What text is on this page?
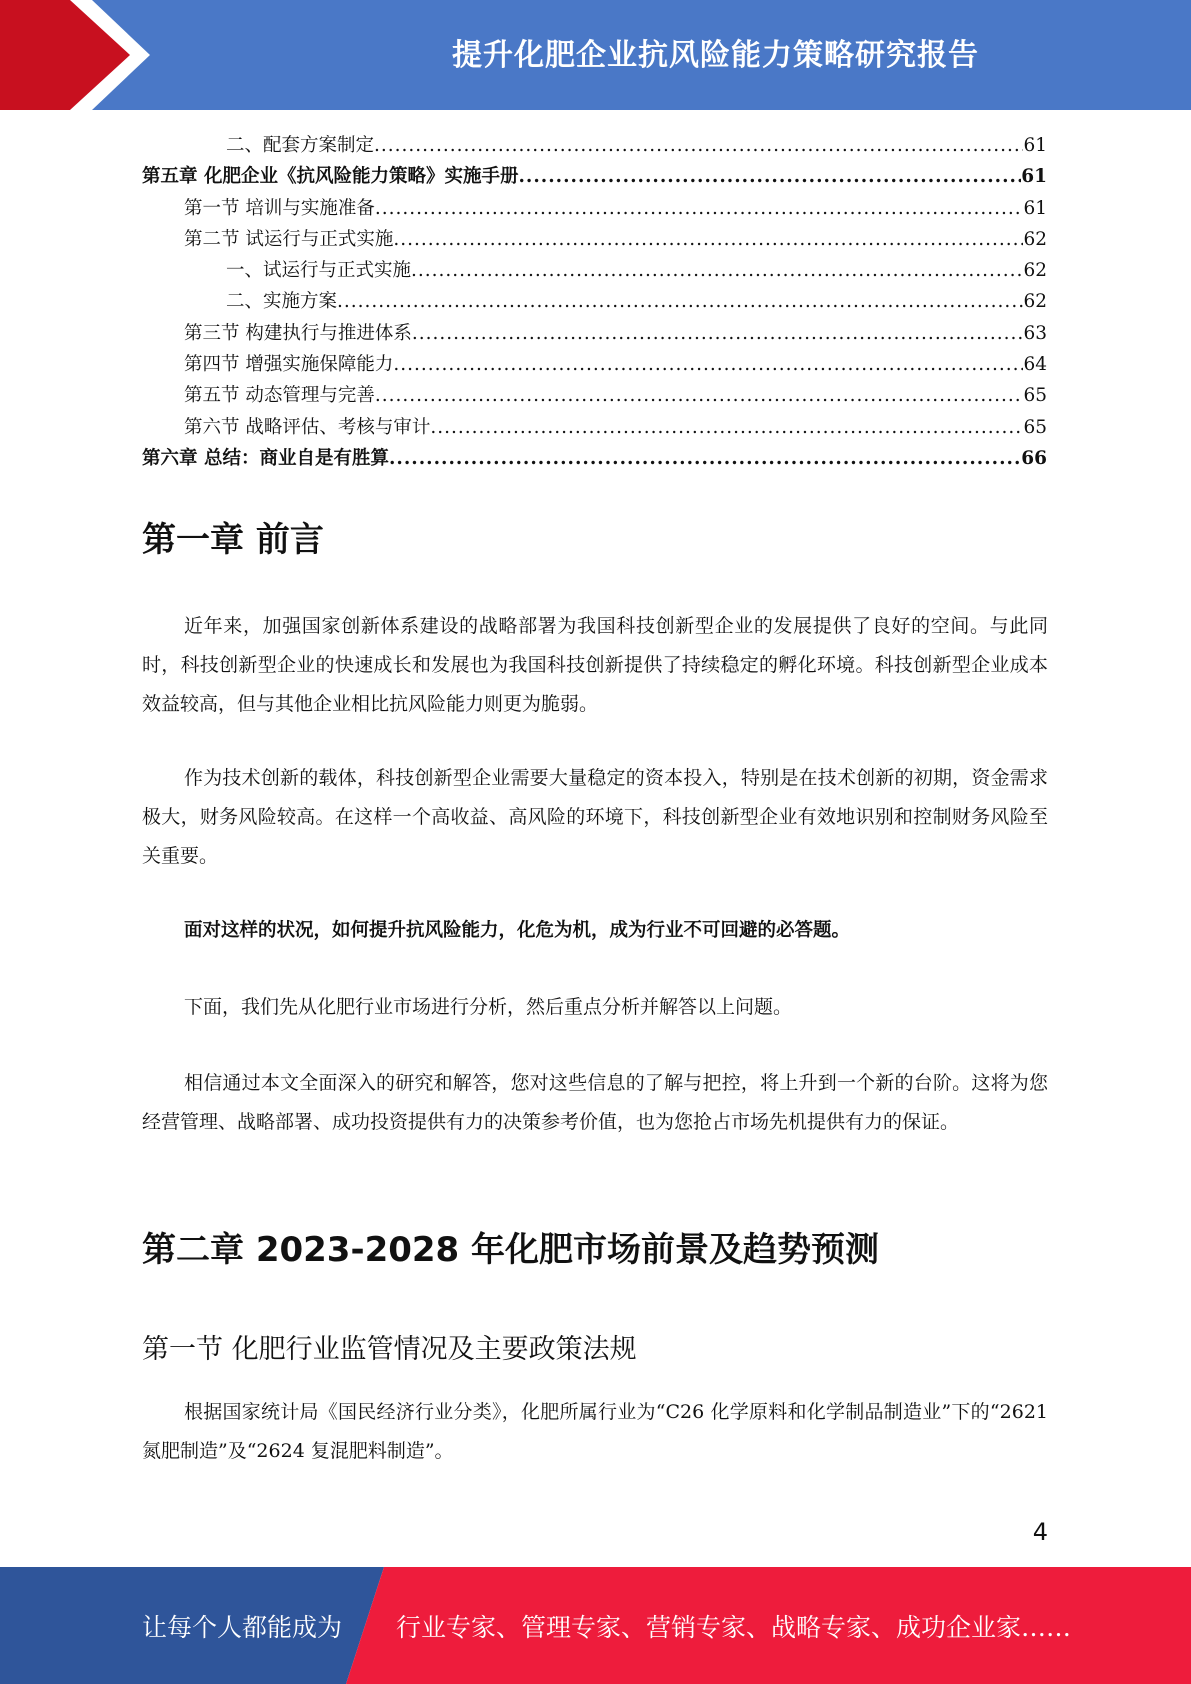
提升化肥企业抗风险能力策略研究报告
二、配套方案制定 .....	61
第五章 化肥企业《抗风险能力策略》实施手册 .....	61
第一节 培训与实施准备 .....	61
第二节 试运行与正式实施 .....	62
一、试运行与正式实施 .....	62
二、实施方案 .....	62
第三节 构建执行与推进体系 .....	63
第四节 增强实施保障能力 .....	64
第五节 动态管理与完善 .....	65
第六节 战略评估、考核与审计 .....	65
第六章 总结：商业自是有胜算 .....	66
第一章 前言

近年来，加强国家创新体系建设的战略部署为我国科技创新型企业的发展提供了良好的空间。与此同时，科技创新型企业的快速成长和发展也为我国科技创新提供了持续稳定的孵化环境。科技创新型企业成本效益较高，但与其他企业相比抗风险能力则更为脆弱。

作为技术创新的载体，科技创新型企业需要大量稳定的资本投入，特别是在技术创新的初期，资金需求极大，财务风险较高。在这样一个高收益、高风险的环境下，科技创新型企业有效地识别和控制财务风险至关重要。

面对这样的状况，如何提升抗风险能力，化危为机，成为行业不可回避的必答题。

下面，我们先从化肥行业市场进行分析，然后重点分析并解答以上问题。

相信通过本文全面深入的研究和解答，您对这些信息的了解与把控，将上升到一个新的台阶。这将为您经营管理、战略部署、成功投资提供有力的决策参考价值，也为您抢占市场先机提供有力的保证。

第二章 2023-2028 年化肥市场前景及趋势预测
第一节 化肥行业监管情况及主要政策法规

根据国家统计局《国民经济行业分类》，化肥所属行业为“C26 化学原料和化学制品制造业”下的“2621 氮肥制造”及“2624 复混肥料制造”。

4
让每个人都能成为 行业专家、管理专家、营销专家、战略专家、成功企业家……
